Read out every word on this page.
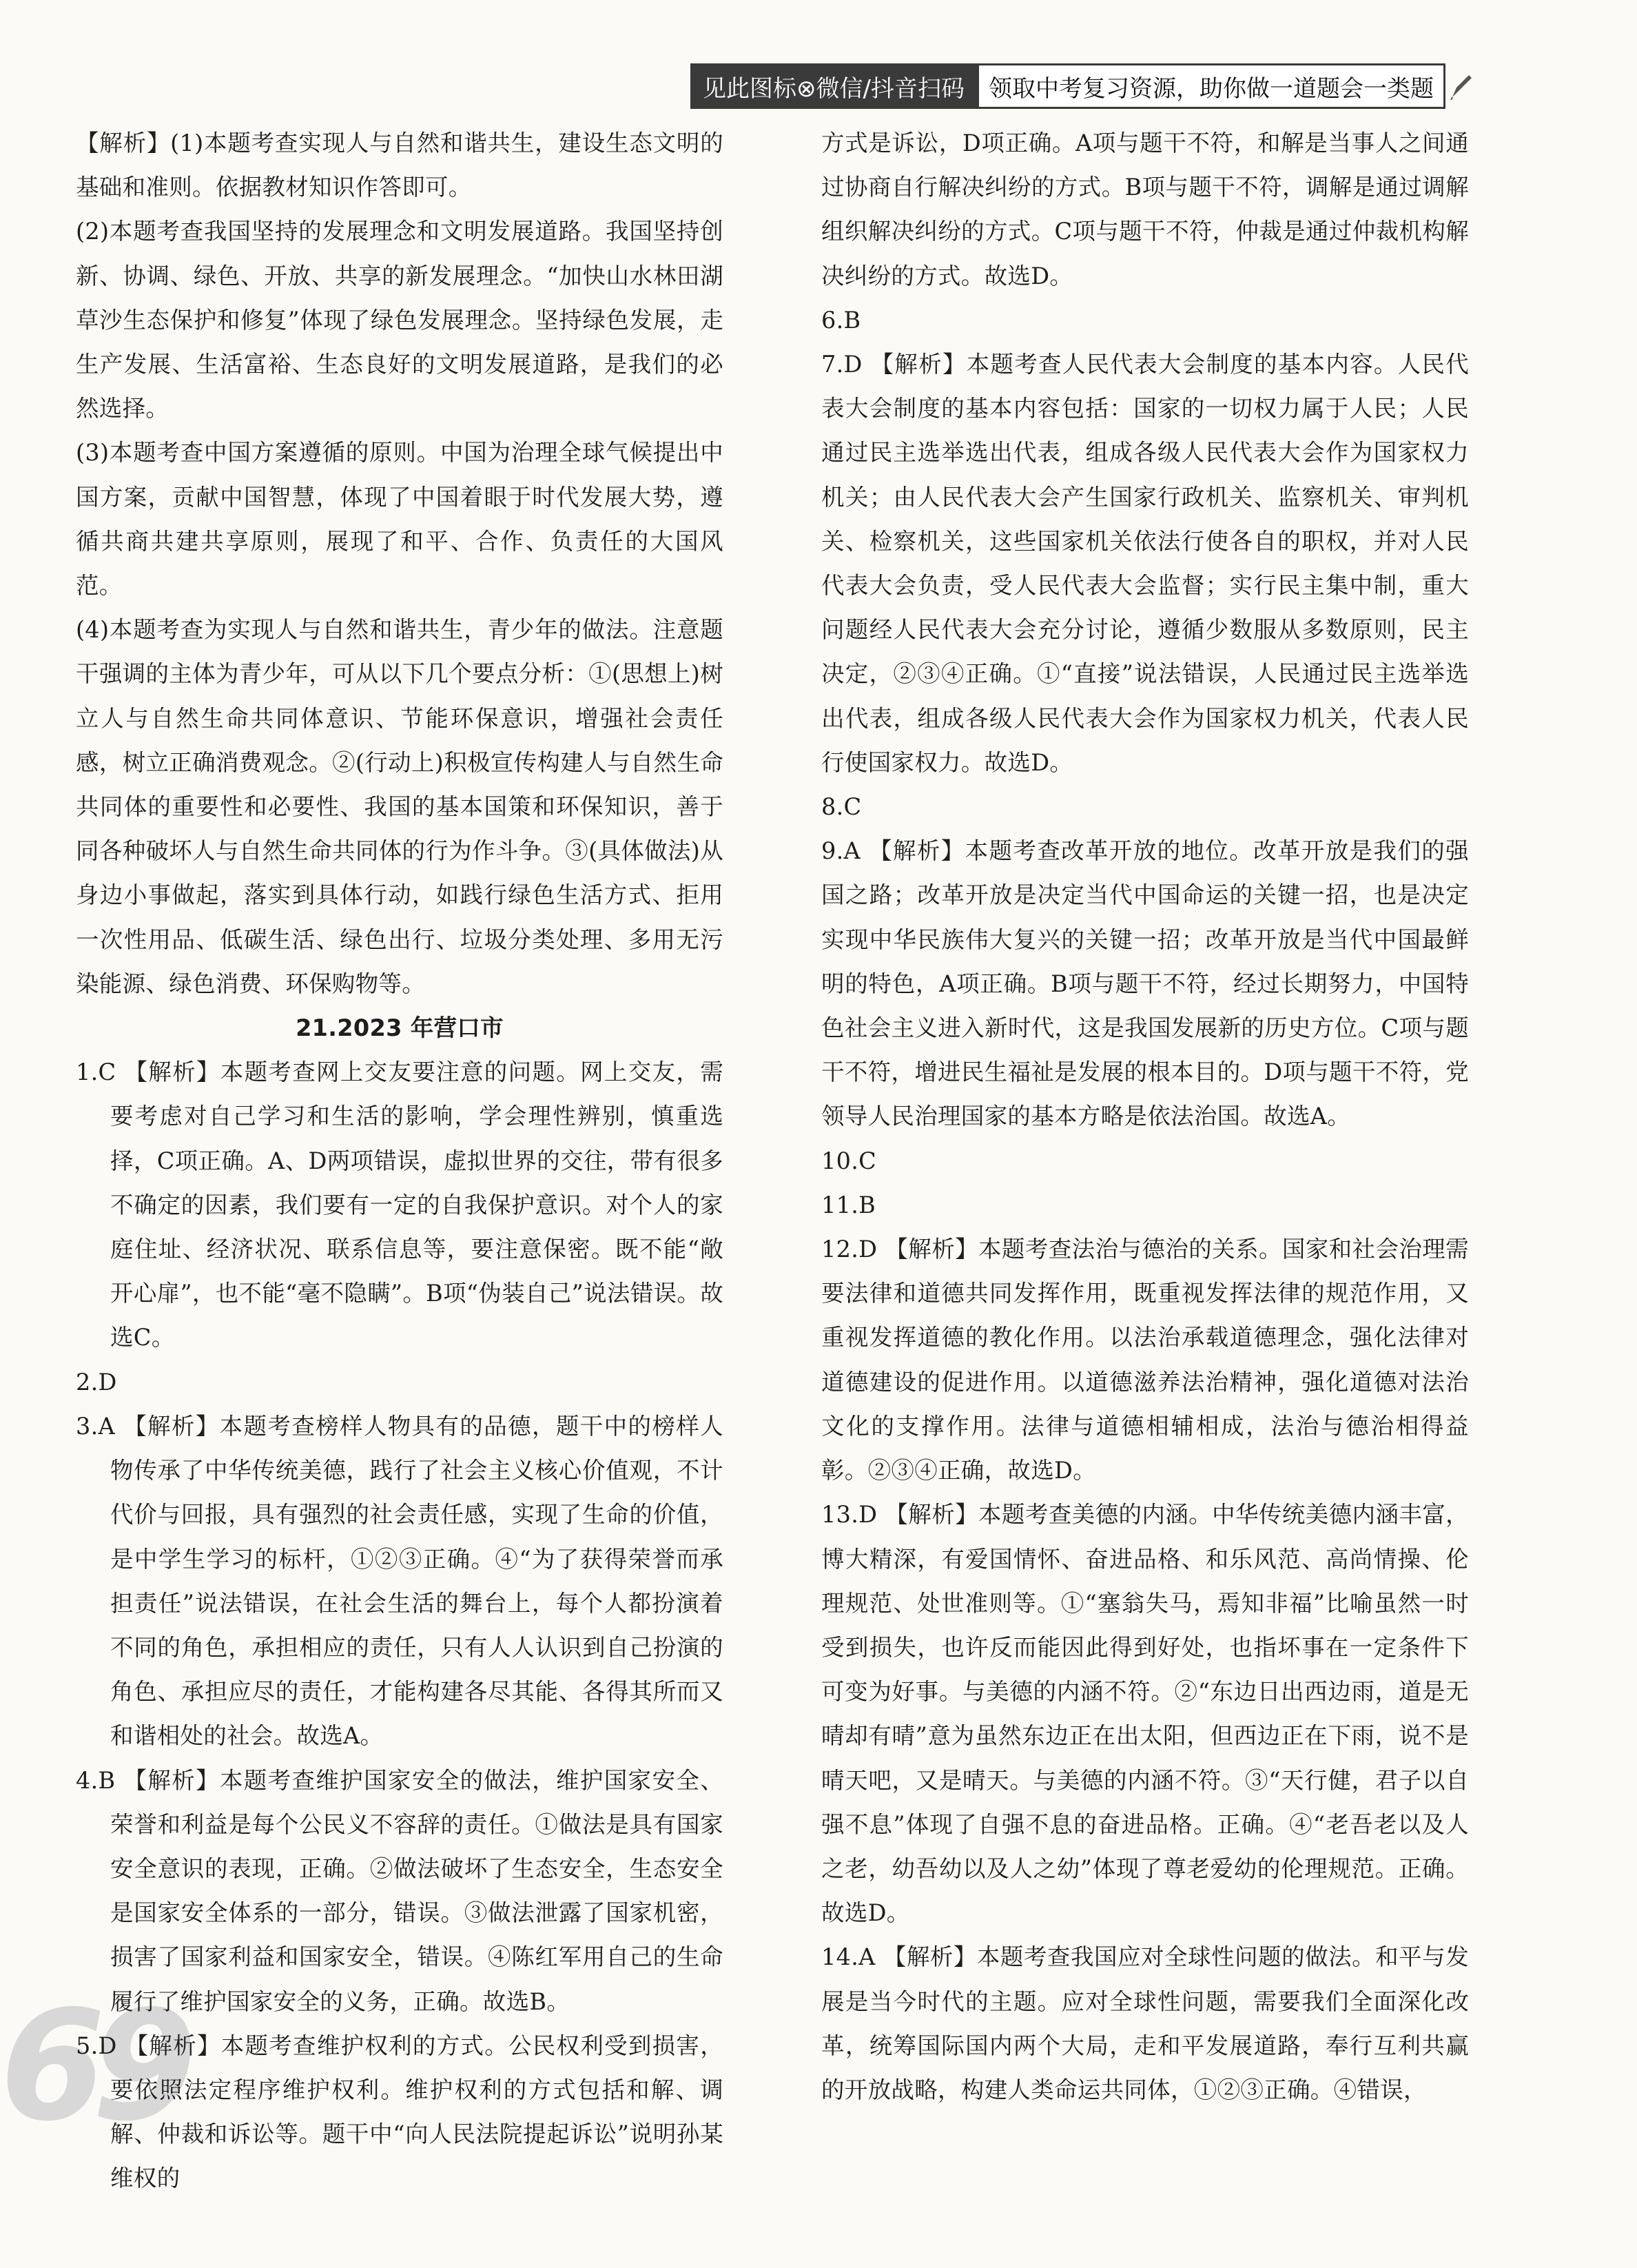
见此图标⊗微信/抖音扫码	领取中考复习资源，助你做一道题会一类题
69

【解析】(1)本题考查实现人与自然和谐共生，建设生态文明的基础和准则。依据教材知识作答即可。

(2)本题考查我国坚持的发展理念和文明发展道路。我国坚持创新、协调、绿色、开放、共享的新发展理念。“加快山水林田湖草沙生态保护和修复”体现了绿色发展理念。坚持绿色发展，走生产发展、生活富裕、生态良好的文明发展道路，是我们的必然选择。

(3)本题考查中国方案遵循的原则。中国为治理全球气候提出中国方案，贡献中国智慧，体现了中国着眼于时代发展大势，遵循共商共建共享原则，展现了和平、合作、负责任的大国风范。

(4)本题考查为实现人与自然和谐共生，青少年的做法。注意题干强调的主体为青少年，可从以下几个要点分析：①(思想上)树立人与自然生命共同体意识、节能环保意识，增强社会责任感，树立正确消费观念。②(行动上)积极宣传构建人与自然生命共同体的重要性和必要性、我国的基本国策和环保知识，善于同各种破坏人与自然生命共同体的行为作斗争。③(具体做法)从身边小事做起，落实到具体行动，如践行绿色生活方式、拒用一次性用品、低碳生活、绿色出行、垃圾分类处理、多用无污染能源、绿色消费、环保购物等。

21.2023 年营口市

1.C 【解析】本题考查网上交友要注意的问题。网上交友，需要考虑对自己学习和生活的影响，学会理性辨别，慎重选择，C项正确。A、D两项错误，虚拟世界的交往，带有很多不确定的因素，我们要有一定的自我保护意识。对个人的家庭住址、经济状况、联系信息等，要注意保密。既不能“敞开心扉”，也不能“毫不隐瞒”。B项“伪装自己”说法错误。故选C。

2.D

3.A 【解析】本题考查榜样人物具有的品德，题干中的榜样人物传承了中华传统美德，践行了社会主义核心价值观，不计代价与回报，具有强烈的社会责任感，实现了生命的价值，是中学生学习的标杆，①②③正确。④“为了获得荣誉而承担责任”说法错误，在社会生活的舞台上，每个人都扮演着不同的角色，承担相应的责任，只有人人认识到自己扮演的角色、承担应尽的责任，才能构建各尽其能、各得其所而又和谐相处的社会。故选A。

4.B 【解析】本题考查维护国家安全的做法，维护国家安全、荣誉和利益是每个公民义不容辞的责任。①做法是具有国家安全意识的表现，正确。②做法破坏了生态安全，生态安全是国家安全体系的一部分，错误。③做法泄露了国家机密，损害了国家利益和国家安全，错误。④陈红军用自己的生命履行了维护国家安全的义务，正确。故选B。

5.D 【解析】本题考查维护权利的方式。公民权利受到损害，要依照法定程序维护权利。维护权利的方式包括和解、调解、仲裁和诉讼等。题干中“向人民法院提起诉讼”说明孙某维权的

方式是诉讼，D项正确。A项与题干不符，和解是当事人之间通过协商自行解决纠纷的方式。B项与题干不符，调解是通过调解组织解决纠纷的方式。C项与题干不符，仲裁是通过仲裁机构解决纠纷的方式。故选D。

6.B

7.D 【解析】本题考查人民代表大会制度的基本内容。人民代表大会制度的基本内容包括：国家的一切权力属于人民；人民通过民主选举选出代表，组成各级人民代表大会作为国家权力机关；由人民代表大会产生国家行政机关、监察机关、审判机关、检察机关，这些国家机关依法行使各自的职权，并对人民代表大会负责，受人民代表大会监督；实行民主集中制，重大问题经人民代表大会充分讨论，遵循少数服从多数原则，民主决定，②③④正确。①“直接”说法错误，人民通过民主选举选出代表，组成各级人民代表大会作为国家权力机关，代表人民行使国家权力。故选D。

8.C

9.A 【解析】本题考查改革开放的地位。改革开放是我们的强国之路；改革开放是决定当代中国命运的关键一招，也是决定实现中华民族伟大复兴的关键一招；改革开放是当代中国最鲜明的特色，A项正确。B项与题干不符，经过长期努力，中国特色社会主义进入新时代，这是我国发展新的历史方位。C项与题干不符，增进民生福祉是发展的根本目的。D项与题干不符，党领导人民治理国家的基本方略是依法治国。故选A。

10.C

11.B

12.D 【解析】本题考查法治与德治的关系。国家和社会治理需要法律和道德共同发挥作用，既重视发挥法律的规范作用，又重视发挥道德的教化作用。以法治承载道德理念，强化法律对道德建设的促进作用。以道德滋养法治精神，强化道德对法治文化的支撑作用。法律与道德相辅相成，法治与德治相得益彰。②③④正确，故选D。

13.D 【解析】本题考查美德的内涵。中华传统美德内涵丰富，博大精深，有爱国情怀、奋进品格、和乐风范、高尚情操、伦理规范、处世准则等。①“塞翁失马，焉知非福”比喻虽然一时受到损失，也许反而能因此得到好处，也指坏事在一定条件下可变为好事。与美德的内涵不符。②“东边日出西边雨，道是无晴却有晴”意为虽然东边正在出太阳，但西边正在下雨，说不是晴天吧，又是晴天。与美德的内涵不符。③“天行健，君子以自强不息”体现了自强不息的奋进品格。正确。④“老吾老以及人之老，幼吾幼以及人之幼”体现了尊老爱幼的伦理规范。正确。故选D。

14.A 【解析】本题考查我国应对全球性问题的做法。和平与发展是当今时代的主题。应对全球性问题，需要我们全面深化改革，统筹国际国内两个大局，走和平发展道路，奉行互利共赢的开放战略，构建人类命运共同体，①②③正确。④错误，
